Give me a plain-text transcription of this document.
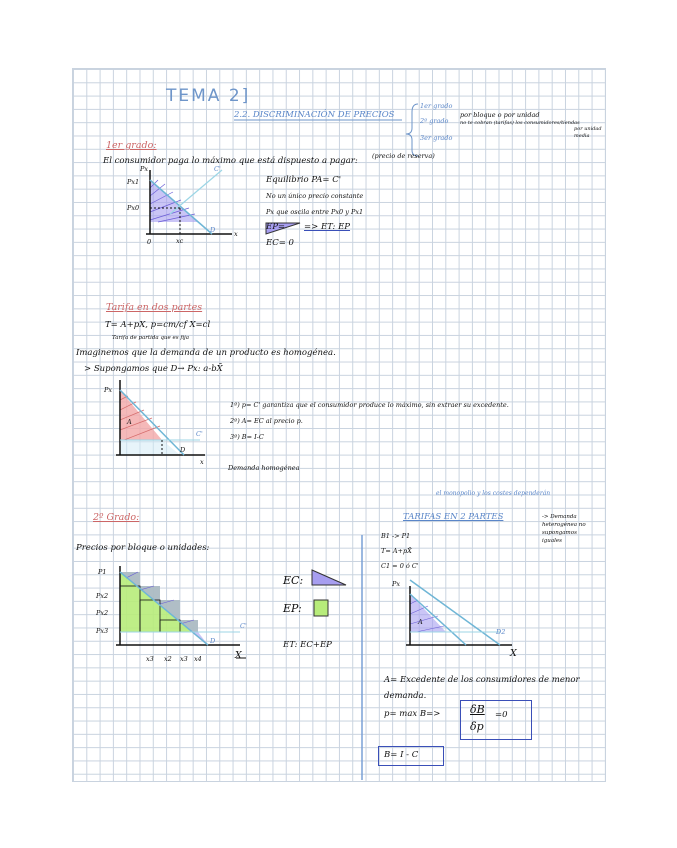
TEMA 2]
2.2. DISCRIMINACIÓN DE PRECIOS
1er grado
2º grado
3er grado
por bloque o por unidad
no te cobran (tarifas) los consumidores/tiendas
por unidad
media
1er grado:
(precio de reserva)
El consumidor paga lo máximo que está dispuesto a pagar:
Equilibrio PA= C'
No un único precio constante
Px que oscila entre Px0 y Px1
EP= => ET: EP
EC= 0
Px
Px1
Px0
0	xc
x
C'
D
Tarifa en dos partes
T= A+pX, p=cm/cf X=cl
Tarifa de partida que es fija
Imaginemos que la demanda de un producto es homogénea.
> Supongamos que D→ Px: a-bX̄
1º) p= C' garantiza que el consumidor produce lo máximo, sin extraer su excedente.
2º) A= EC al precio p.
3º) B= I-C
Demanda homogénea
Px
x
A
C'
D
2º Grado:
Precios por bloque o unidades:
EC:
EP:
ET: EC+EP
P1
Px2
Px2
Px3
x3 x2 x3 x4	X
C'
D
el monopolio y los costes dependerán
TARIFAS EN 2 PARTES	-> Demanda heterogénea no supongamos iguales
B1 -> P1
T= A+pX̄
C1 = 0 ó C'
Px
X
A
D2
A= Excedente de los consumidores de menor demanda.
p= max B=>	δB
δp
=0
B= I - C
